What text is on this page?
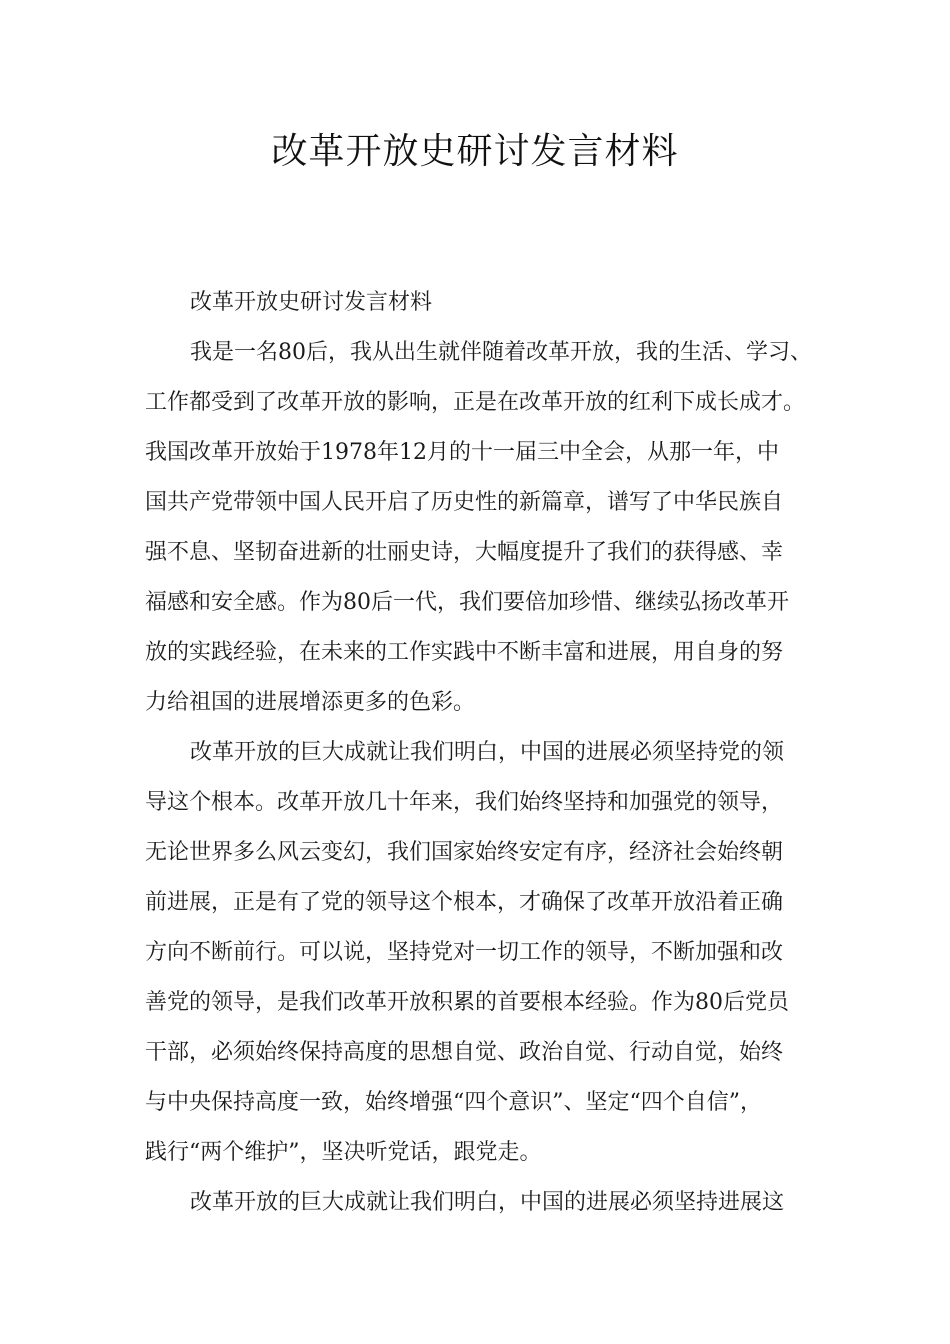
改革开放史研讨发言材料
改革开放史研讨发言材料
我是一名80后，我从出生就伴随着改革开放，我的生活、学习、
工作都受到了改革开放的影响，正是在改革开放的红利下成长成才。
我国改革开放始于1978年12月的十一届三中全会，从那一年，中
国共产党带领中国人民开启了历史性的新篇章，谱写了中华民族自
强不息、坚韧奋进新的壮丽史诗，大幅度提升了我们的获得感、幸
福感和安全感。作为80后一代，我们要倍加珍惜、继续弘扬改革开
放的实践经验，在未来的工作实践中不断丰富和进展，用自身的努
力给祖国的进展增添更多的色彩。
改革开放的巨大成就让我们明白，中国的进展必须坚持党的领
导这个根本。改革开放几十年来，我们始终坚持和加强党的领导，
无论世界多么风云变幻，我们国家始终安定有序，经济社会始终朝
前进展，正是有了党的领导这个根本，才确保了改革开放沿着正确
方向不断前行。可以说，坚持党对一切工作的领导，不断加强和改
善党的领导，是我们改革开放积累的首要根本经验。作为80后党员
干部，必须始终保持高度的思想自觉、政治自觉、行动自觉，始终
与中央保持高度一致，始终增强“四个意识”、坚定“四个自信”，
践行“两个维护”，坚决听党话，跟党走。
改革开放的巨大成就让我们明白，中国的进展必须坚持进展这
